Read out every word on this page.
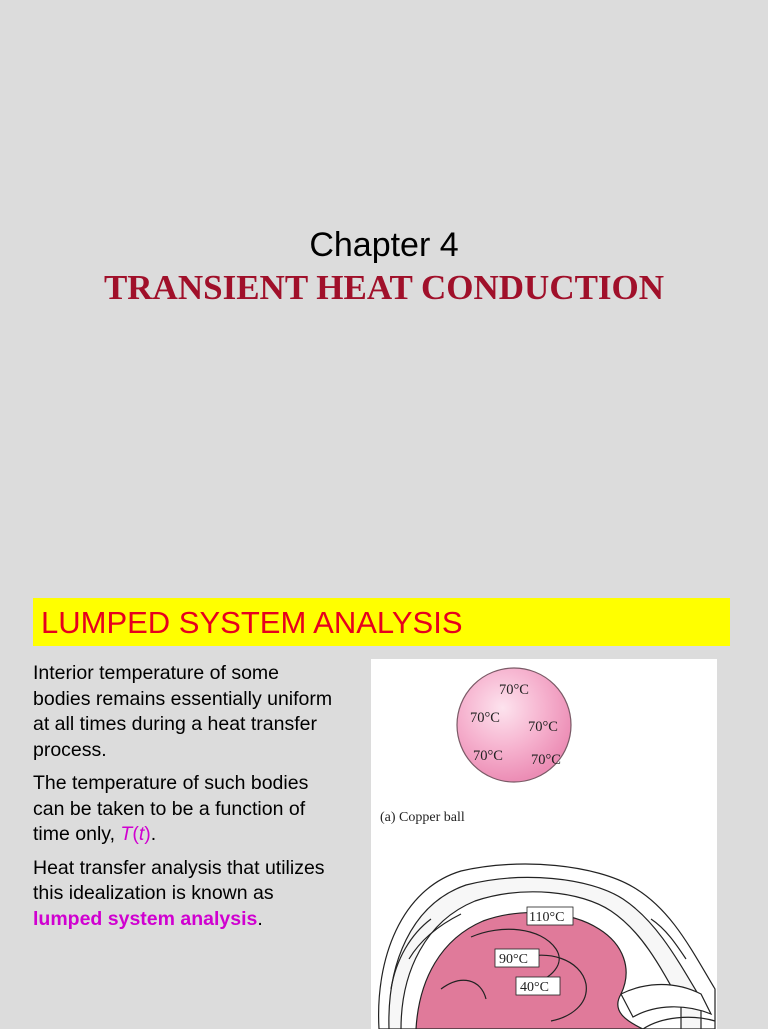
Chapter 4
TRANSIENT HEAT CONDUCTION
LUMPED SYSTEM ANALYSIS

Interior temperature of some bodies remains essentially uniform at all times during a heat transfer process.

The temperature of such bodies can be taken to be a function of time only, T(t).

Heat transfer analysis that utilizes this idealization is known as lumped system analysis.

70°C
70°C
70°C
70°C 70°C
(a) Copper ball
110°C
90°C
40°C
